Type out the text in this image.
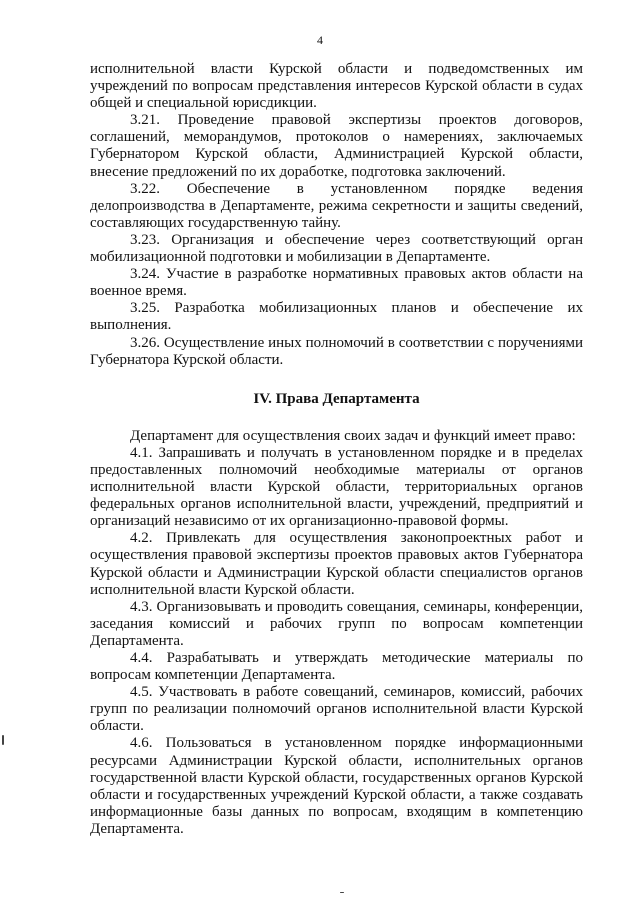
4

исполнительной власти Курской области и подведомственных им учреждений по вопросам представления интересов Курской области в судах общей и специальной юрисдикции.

3.21. Проведение правовой экспертизы проектов договоров, соглашений, меморандумов, протоколов о намерениях, заключаемых Губернатором Курской области, Администрацией Курской области, внесение предложений по их доработке, подготовка заключений.

3.22. Обеспечение в установленном порядке ведения делопроизводства в Департаменте, режима секретности и защиты сведений, составляющих государственную тайну.

3.23. Организация и обеспечение через соответствующий орган мобилизационной подготовки и мобилизации в Департаменте.

3.24. Участие в разработке нормативных правовых актов области на военное время.

3.25. Разработка мобилизационных планов и обеспечение их выполнения.

3.26. Осуществление иных полномочий в соответствии с поручениями Губернатора Курской области.

IV. Права Департамента

Департамент для осуществления своих задач и функций имеет право:

4.1. Запрашивать и получать в установленном порядке и в пределах предоставленных полномочий необходимые материалы от органов исполнительной власти Курской области, территориальных органов федеральных органов исполнительной власти, учреждений, предприятий и организаций независимо от их организационно-правовой формы.

4.2. Привлекать для осуществления законопроектных работ и осуществления правовой экспертизы проектов правовых актов Губернатора Курской области и Администрации Курской области специалистов органов исполнительной власти Курской области.

4.3. Организовывать и проводить совещания, семинары, конференции, заседания комиссий и рабочих групп по вопросам компетенции Департамента.

4.4. Разрабатывать и утверждать методические материалы по вопросам компетенции Департамента.

4.5. Участвовать в работе совещаний, семинаров, комиссий, рабочих групп по реализации полномочий органов исполнительной власти Курской области.

4.6. Пользоваться в установленном порядке информационными ресурсами Администрации Курской области, исполнительных органов государственной власти Курской области, государственных органов Курской области и государственных учреждений Курской области, а также создавать информационные базы данных по вопросам, входящим в компетенцию Департамента.
